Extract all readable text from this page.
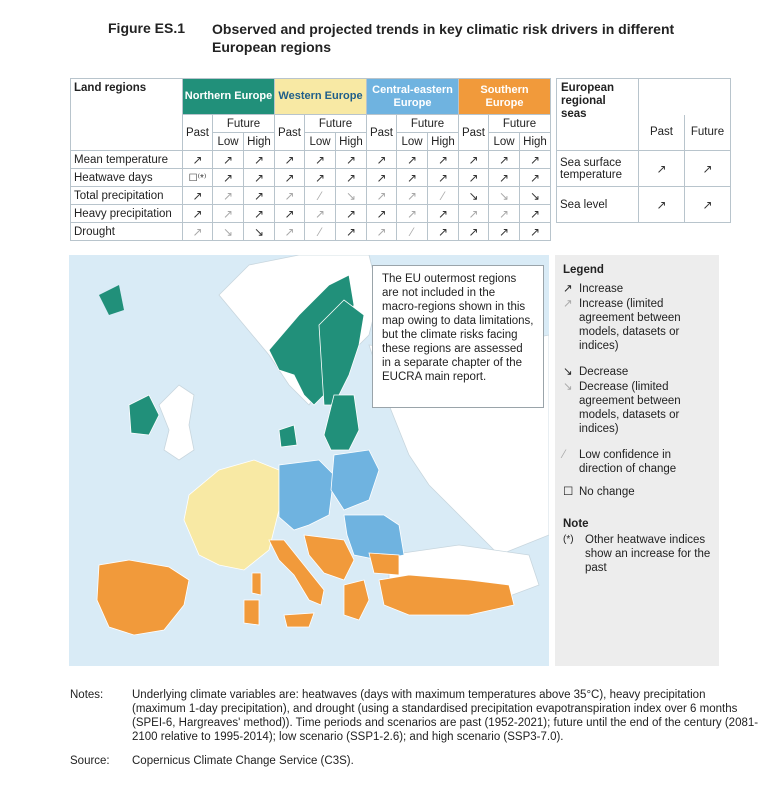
Figure ES.1 Observed and projected trends in key climatic risk drivers in different European regions
Land regions	Northern Europe			Western Europe			Central-eastern Europe			Southern Europe				European regional seas		
	Past	Future		Past	Future		Past	Future		Past	Future				Past	Future
		Low	High		Low	High		Low	High		Low	High				
Mean temperature	↗	↗	↗	↗	↗	↗	↗	↗	↗	↗	↗	↗		Sea surface temperature	↗	↗
Heatwave days	☐⁽*⁾	↗	↗	↗	↗	↗	↗	↗	↗	↗	↗	↗				
Total precipitation	↗	↗	↗	↗	⁄	↘	↗	↗	⁄	↘	↘	↘		Sea level	↗	↗
Heavy precipitation	↗	↗	↗	↗	↗	↗	↗	↗	↗	↗	↗	↗				
Drought	↗	↘	↘	↗	⁄	↗	↗	⁄	↗	↗	↗	↗				
The EU outermost regions are not included in the macro-regions shown in this map owing to data limitations, but the climate risks facing these regions are assessed in a separate chapter of the EUCRA main report.
Legend
↗ Increase
↗ Increase (limited agreement between models, datasets or indices)
↘ Decrease
↘ Decrease (limited agreement between models, datasets or indices)
⁄	Low confidence in direction of change
☐ No change
Note
(*) Other heatwave indices show an increase for the past
Notes:	Underlying climate variables are: heatwaves (days with maximum temperatures above 35°C), heavy precipitation (maximum 1-day precipitation), and drought (using a standardised precipitation evapotranspiration index over 6 months (SPEI-6, Hargreaves' method)). Time periods and scenarios are past (1952-2021); future until the end of the century (2081-2100 relative to 1995-2014); low scenario (SSP1-2.6); and high scenario (SSP3-7.0).
Source:	Copernicus Climate Change Service (C3S).
